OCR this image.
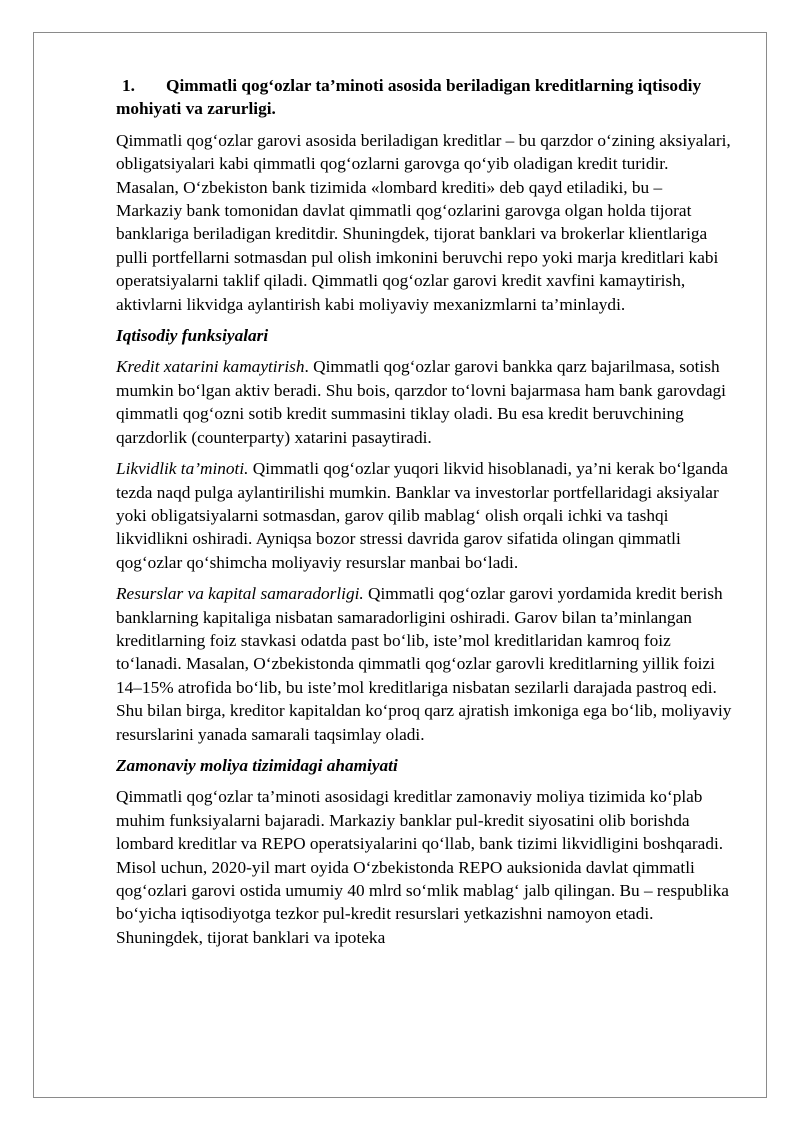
1. Qimmatli qog‘ozlar ta’minoti asosida beriladigan kreditlarning iqtisodiy mohiyati va zarurligi.

Qimmatli qog‘ozlar garovi asosida beriladigan kreditlar – bu qarzdor o‘zining aksiyalari, obligatsiyalari kabi qimmatli qog‘ozlarni garovga qo‘yib oladigan kredit turidir. Masalan, O‘zbekiston bank tizimida «lombard krediti» deb qayd etiladiki, bu – Markaziy bank tomonidan davlat qimmatli qog‘ozlarini garovga olgan holda tijorat banklariga beriladigan kreditdir. Shuningdek, tijorat banklari va brokerlar klientlariga pulli portfellarni sotmasdan pul olish imkonini beruvchi repo yoki marja kreditlari kabi operatsiyalarni taklif qiladi. Qimmatli qog‘ozlar garovi kredit xavfini kamaytirish, aktivlarni likvidga aylantirish kabi moliyaviy mexanizmlarni ta’minlaydi.

Iqtisodiy funksiyalari

Kredit xatarini kamaytirish. Qimmatli qog‘ozlar garovi bankka qarz bajarilmasa, sotish mumkin bo‘lgan aktiv beradi. Shu bois, qarzdor to‘lovni bajarmasa ham bank garovdagi qimmatli qog‘ozni sotib kredit summasini tiklay oladi. Bu esa kredit beruvchining qarzdorlik (counterparty) xatarini pasaytiradi.

Likvidlik ta’minoti. Qimmatli qog‘ozlar yuqori likvid hisoblanadi, ya’ni kerak bo‘lganda tezda naqd pulga aylantirilishi mumkin. Banklar va investorlar portfellaridagi aksiyalar yoki obligatsiyalarni sotmasdan, garov qilib mablag‘ olish orqali ichki va tashqi likvidlikni oshiradi. Ayniqsa bozor stressi davrida garov sifatida olingan qimmatli qog‘ozlar qo‘shimcha moliyaviy resurslar manbai bo‘ladi.

Resurslar va kapital samaradorligi. Qimmatli qog‘ozlar garovi yordamida kredit berish banklarning kapitaliga nisbatan samaradorligini oshiradi. Garov bilan ta’minlangan kreditlarning foiz stavkasi odatda past bo‘lib, iste’mol kreditlaridan kamroq foiz to‘lanadi. Masalan, O‘zbekistonda qimmatli qog‘ozlar garovli kreditlarning yillik foizi 14–15% atrofida bo‘lib, bu iste’mol kreditlariga nisbatan sezilarli darajada pastroq edi. Shu bilan birga, kreditor kapitaldan ko‘proq qarz ajratish imkoniga ega bo‘lib, moliyaviy resurslarini yanada samarali taqsimlay oladi.

Zamonaviy moliya tizimidagi ahamiyati

Qimmatli qog‘ozlar ta’minoti asosidagi kreditlar zamonaviy moliya tizimida ko‘plab muhim funksiyalarni bajaradi. Markaziy banklar pul-kredit siyosatini olib borishda lombard kreditlar va REPO operatsiyalarini qo‘llab, bank tizimi likvidligini boshqaradi. Misol uchun, 2020-yil mart oyida O‘zbekistonda REPO auksionida davlat qimmatli qog‘ozlari garovi ostida umumiy 40 mlrd so‘mlik mablag‘ jalb qilingan. Bu – respublika bo‘yicha iqtisodiyotga tezkor pul-kredit resurslari yetkazishni namoyon etadi. Shuningdek, tijorat banklari va ipoteka
